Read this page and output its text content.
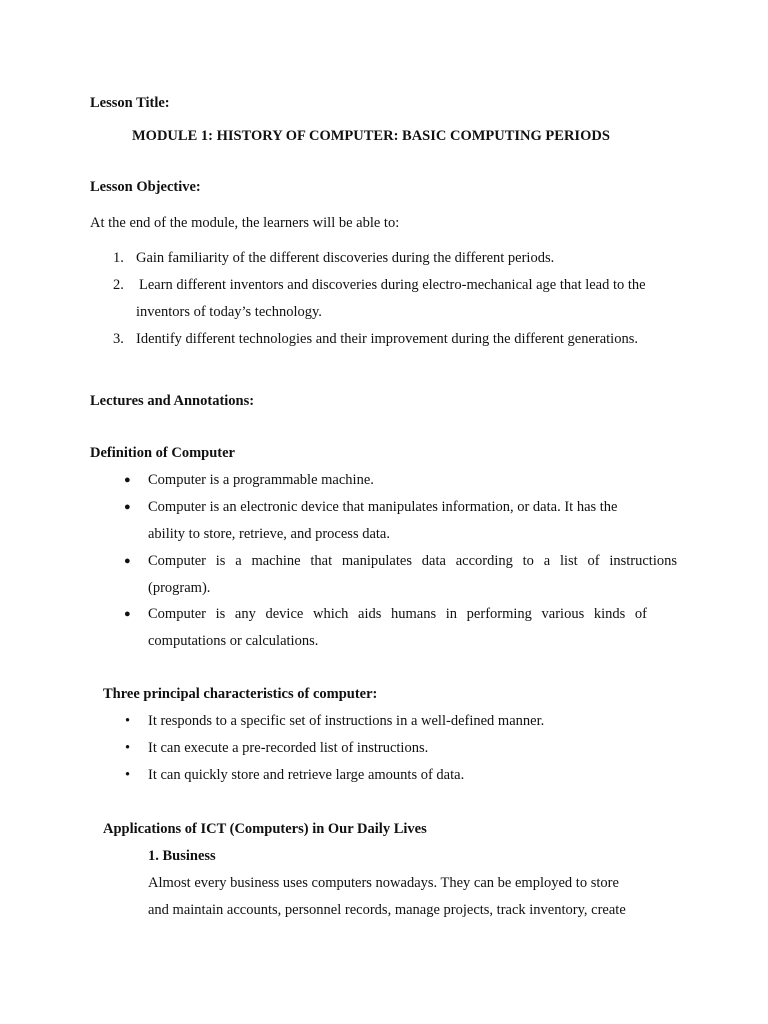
Lesson Title:
MODULE 1: HISTORY OF COMPUTER: BASIC COMPUTING PERIODS
Lesson Objective:
At the end of the module, the learners will be able to:
1. Gain familiarity of the different discoveries during the different periods.
2. Learn different inventors and discoveries during electro-mechanical age that lead to the
inventors of today’s technology.
3. Identify different technologies and their improvement during the different generations.
Lectures and Annotations:
Definition of Computer
● Computer is a programmable machine.
● Computer is an electronic device that manipulates information, or data. It has the
ability to store, retrieve, and process data.
● Computer is a machine that manipulates data according to a list of instructions
(program).
● Computer is any device which aids humans in performing various kinds of
computations or calculations.
Three principal characteristics of computer:
• It responds to a specific set of instructions in a well-defined manner.
• It can execute a pre-recorded list of instructions.
• It can quickly store and retrieve large amounts of data.
Applications of ICT (Computers) in Our Daily Lives
1. Business
Almost every business uses computers nowadays. They can be employed to store
and maintain accounts, personnel records, manage projects, track inventory, create
